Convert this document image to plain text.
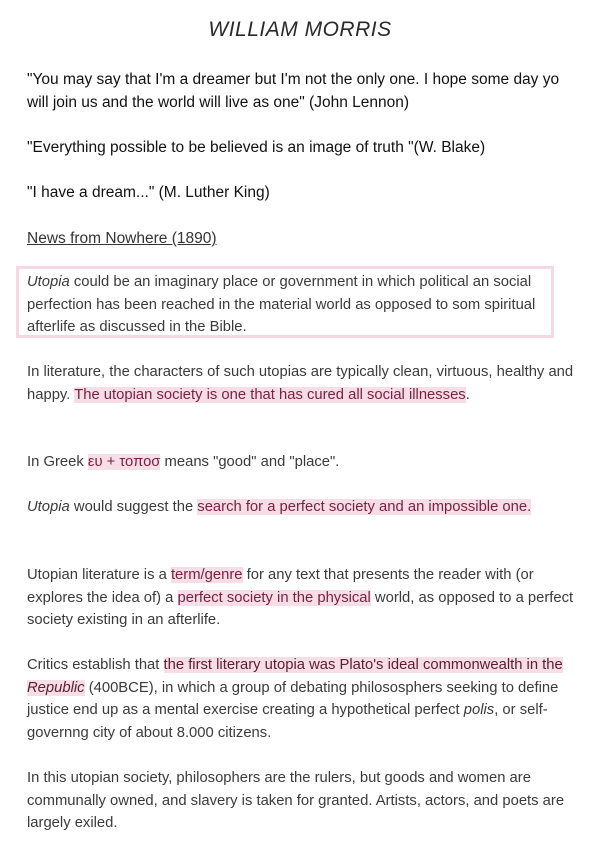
WILLIAM MORRIS
"You may say that I'm a dreamer but I'm not the only one. I hope some day yo will join us and the world will live as one" (John Lennon)
"Everything possible to be believed is an image of truth "(W. Blake)
"I have a dream..." (M. Luther King)
News from Nowhere (1890)
Utopia could be an imaginary place or government in which political an social perfection has been reached in the material world as opposed to som spiritual afterlife as discussed in the Bible.
In literature, the characters of such utopias are typically clean, virtuous, healthy and happy. The utopian society is one that has cured all social illnesses.
In Greek ευ + τοποσ means "good" and "place".
Utopia would suggest the search for a perfect society and an impossible one.
Utopian literature is a term/genre for any text that presents the reader with (or explores the idea of) a perfect society in the physical world, as opposed to a perfect society existing in an afterlife.
Critics establish that the first literary utopia was Plato's ideal commonwealth in the Republic (400BCE), in which a group of debating philososphers seeking to define justice end up as a mental exercise creating a hypothetical perfect polis, or self-governng city of about 8.000 citizens.
In this utopian society, philosophers are the rulers, but goods and women are communally owned, and slavery is taken for granted. Artists, actors, and poets are largely exiled.
